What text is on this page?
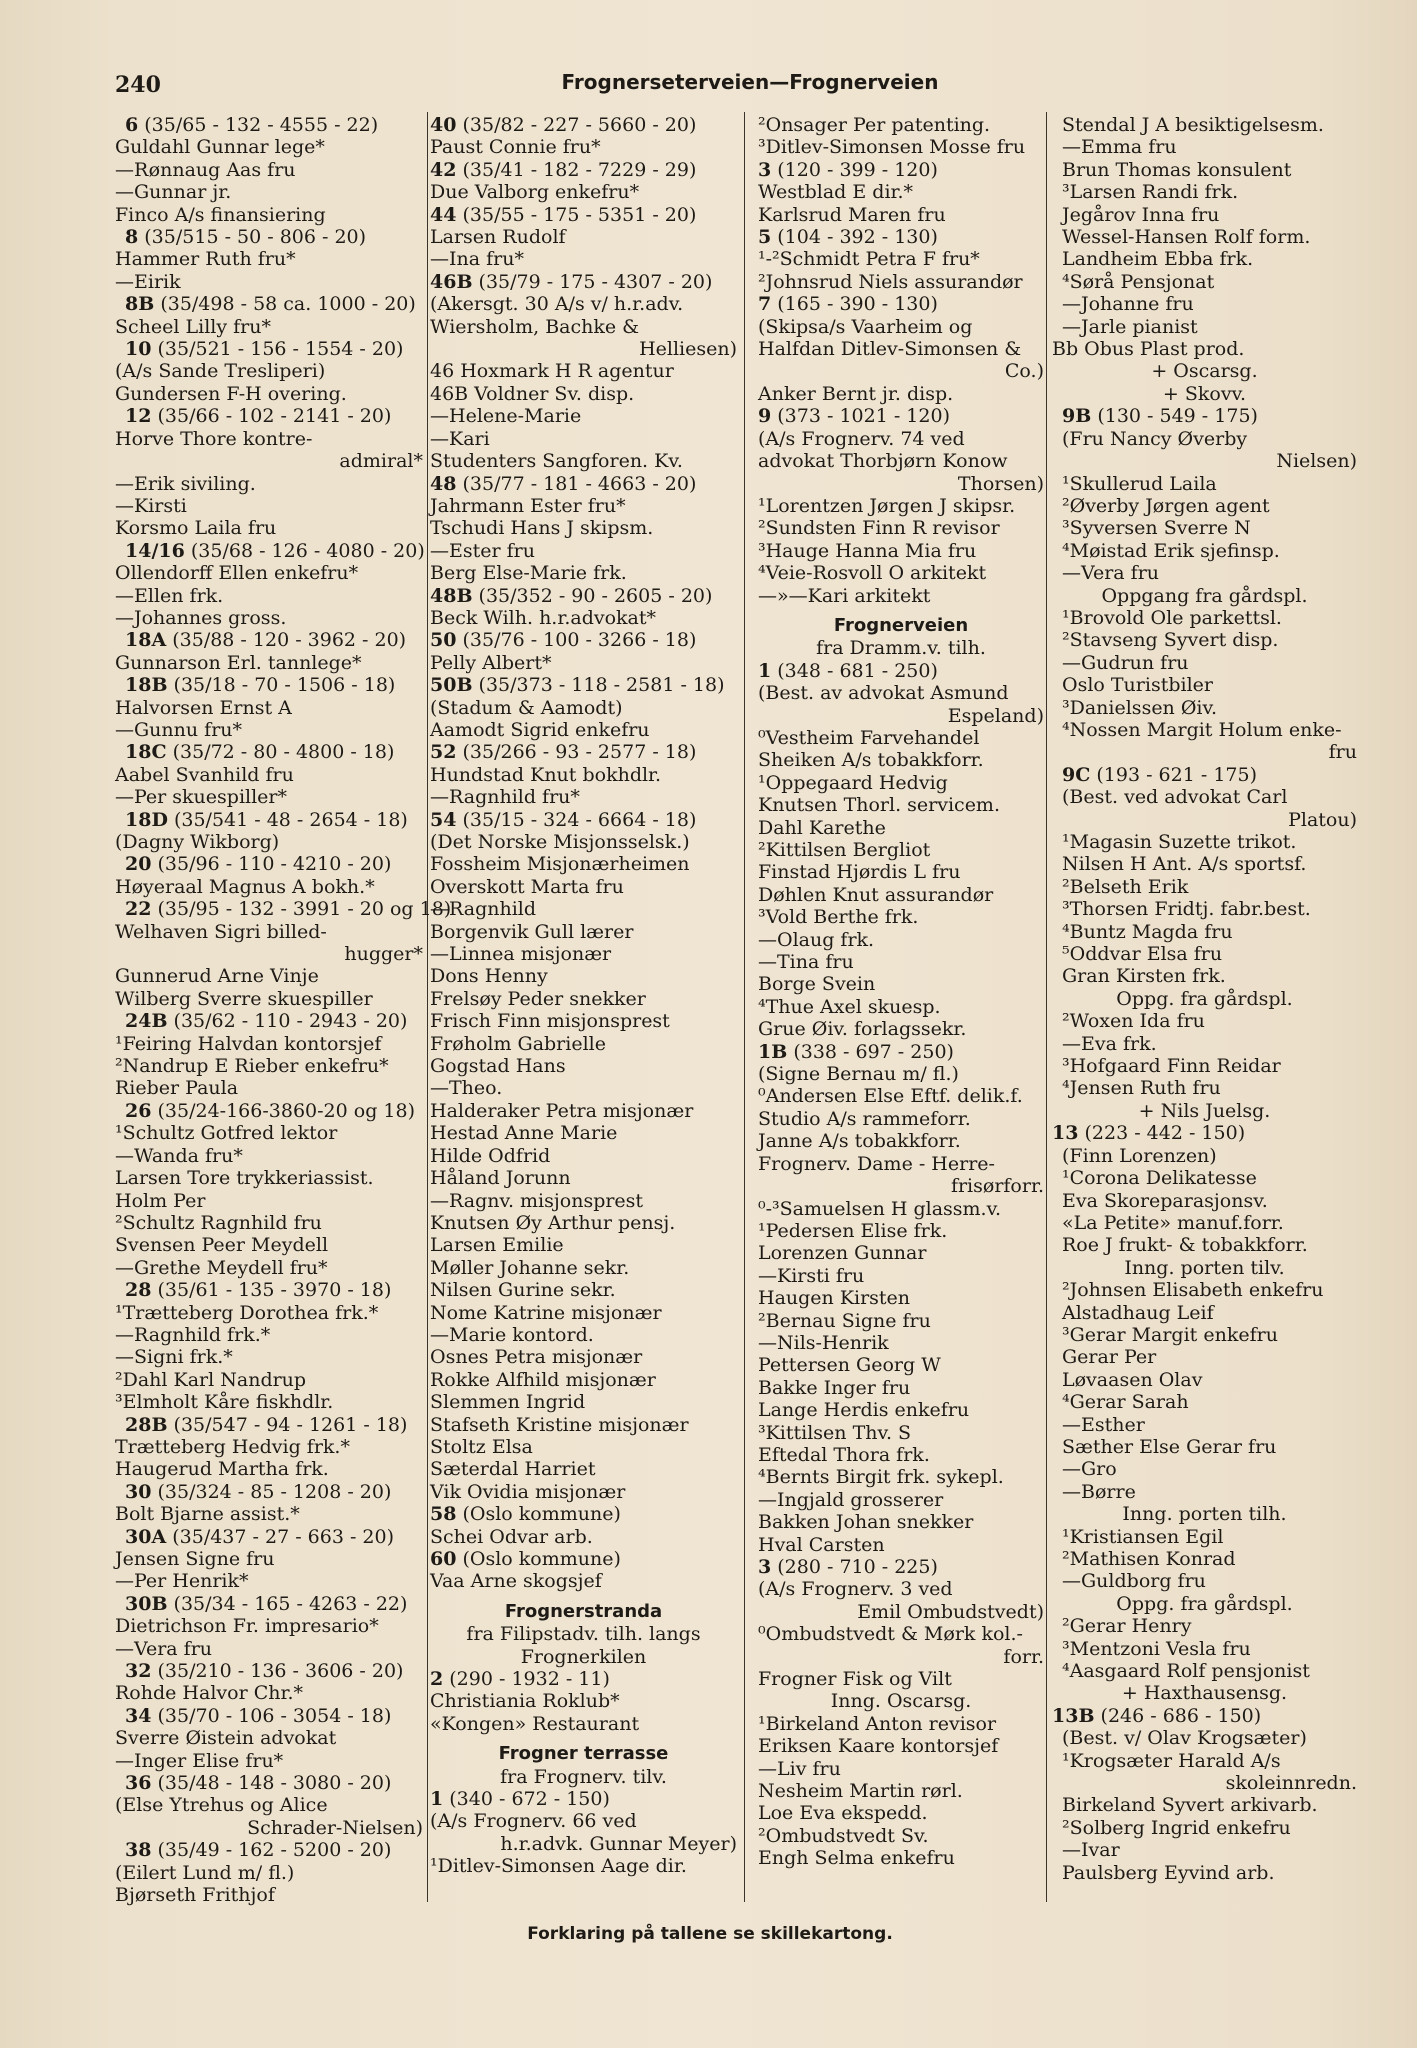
240	Frognerseterveien—Frognerveien
6 (35/65 - 132 - 4555 - 22)
Guldahl Gunnar lege*
—Rønnaug Aas fru
—Gunnar jr.
Finco A/s finansiering
8 (35/515 - 50 - 806 - 20)
Hammer Ruth fru*
—Eirik
8B (35/498 - 58 ca. 1000 - 20)
Scheel Lilly fru*
10 (35/521 - 156 - 1554 - 20)
(A/s Sande Tresliperi)
Gundersen F-H overing.
12 (35/66 - 102 - 2141 - 20)
Horve Thore kontre-
admiral*
—Erik siviling.
—Kirsti
Korsmo Laila fru
14/16 (35/68 - 126 - 4080 - 20)
Ollendorff Ellen enkefru*
—Ellen frk.
—Johannes gross.
18A (35/88 - 120 - 3962 - 20)
Gunnarson Erl. tannlege*
18B (35/18 - 70 - 1506 - 18)
Halvorsen Ernst A
—Gunnu fru*
18C (35/72 - 80 - 4800 - 18)
Aabel Svanhild fru
—Per skuespiller*
18D (35/541 - 48 - 2654 - 18)
(Dagny Wikborg)
20 (35/96 - 110 - 4210 - 20)
Høyeraal Magnus A bokh.*
22 (35/95 - 132 - 3991 - 20 og 18)
Welhaven Sigri billed-
hugger*
Gunnerud Arne Vinje
Wilberg Sverre skuespiller
24B (35/62 - 110 - 2943 - 20)
¹Feiring Halvdan kontorsjef
²Nandrup E Rieber enkefru*
Rieber Paula
26 (35/24-166-3860-20 og 18)
¹Schultz Gotfred lektor
—Wanda fru*
Larsen Tore trykkeriassist.
Holm Per
²Schultz Ragnhild fru
Svensen Peer Meydell
—Grethe Meydell fru*
28 (35/61 - 135 - 3970 - 18)
¹Trætteberg Dorothea frk.*
—Ragnhild frk.*
—Signi frk.*
²Dahl Karl Nandrup
³Elmholt Kåre fiskhdlr.
28B (35/547 - 94 - 1261 - 18)
Trætteberg Hedvig frk.*
Haugerud Martha frk.
30 (35/324 - 85 - 1208 - 20)
Bolt Bjarne assist.*
30A (35/437 - 27 - 663 - 20)
Jensen Signe fru
—Per Henrik*
30B (35/34 - 165 - 4263 - 22)
Dietrichson Fr. impresario*
—Vera fru
32 (35/210 - 136 - 3606 - 20)
Rohde Halvor Chr.*
34 (35/70 - 106 - 3054 - 18)
Sverre Øistein advokat
—Inger Elise fru*
36 (35/48 - 148 - 3080 - 20)
(Else Ytrehus og Alice
Schrader-Nielsen)
38 (35/49 - 162 - 5200 - 20)
(Eilert Lund m/ fl.)
Bjørseth Frithjof
40 (35/82 - 227 - 5660 - 20)
Paust Connie fru*
42 (35/41 - 182 - 7229 - 29)
Due Valborg enkefru*
44 (35/55 - 175 - 5351 - 20)
Larsen Rudolf
—Ina fru*
46B (35/79 - 175 - 4307 - 20)
(Akersgt. 30 A/s v/ h.r.adv.
Wiersholm, Bachke &
Helliesen)
46 Hoxmark H R agentur
46B Voldner Sv. disp.
—Helene-Marie
—Kari
Studenters Sangforen. Kv.
48 (35/77 - 181 - 4663 - 20)
Jahrmann Ester fru*
Tschudi Hans J skipsm.
—Ester fru
Berg Else-Marie frk.
48B (35/352 - 90 - 2605 - 20)
Beck Wilh. h.r.advokat*
50 (35/76 - 100 - 3266 - 18)
Pelly Albert*
50B (35/373 - 118 - 2581 - 18)
(Stadum & Aamodt)
Aamodt Sigrid enkefru
52 (35/266 - 93 - 2577 - 18)
Hundstad Knut bokhdlr.
—Ragnhild fru*
54 (35/15 - 324 - 6664 - 18)
(Det Norske Misjonsselsk.)
Fossheim Misjonærheimen
Overskott Marta fru
—Ragnhild
Borgenvik Gull lærer
—Linnea misjonær
Dons Henny
Frelsøy Peder snekker
Frisch Finn misjonsprest
Frøholm Gabrielle
Gogstad Hans
—Theo.
Halderaker Petra misjonær
Hestad Anne Marie
Hilde Odfrid
Håland Jorunn
—Ragnv. misjonsprest
Knutsen Øy Arthur pensj.
Larsen Emilie
Møller Johanne sekr.
Nilsen Gurine sekr.
Nome Katrine misjonær
—Marie kontord.
Osnes Petra misjonær
Rokke Alfhild misjonær
Slemmen Ingrid
Stafseth Kristine misjonær
Stoltz Elsa
Sæterdal Harriet
Vik Ovidia misjonær
58 (Oslo kommune)
Schei Odvar arb.
60 (Oslo kommune)
Vaa Arne skogsjef
Frognerstranda
fra Filipstadv. tilh. langs
Frognerkilen
2 (290 - 1932 - 11)
Christiania Roklub*
«Kongen» Restaurant
Frogner terrasse
fra Frognerv. tilv.
1 (340 - 672 - 150)
(A/s Frognerv. 66 ved
h.r.advk. Gunnar Meyer)
¹Ditlev-Simonsen Aage dir.
²Onsager Per patenting.
³Ditlev-Simonsen Mosse fru
3 (120 - 399 - 120)
Westblad E dir.*
Karlsrud Maren fru
5 (104 - 392 - 130)
¹-²Schmidt Petra F fru*
²Johnsrud Niels assurandør
7 (165 - 390 - 130)
(Skipsa/s Vaarheim og
Halfdan Ditlev-Simonsen &
Co.)
Anker Bernt jr. disp.
9 (373 - 1021 - 120)
(A/s Frognerv. 74 ved
advokat Thorbjørn Konow
Thorsen)
¹Lorentzen Jørgen J skipsr.
²Sundsten Finn R revisor
³Hauge Hanna Mia fru
⁴Veie-Rosvoll O arkitekt
—»—Kari arkitekt
Frognerveien
fra Dramm.v. tilh.
1 (348 - 681 - 250)
(Best. av advokat Asmund
Espeland)
⁰Vestheim Farvehandel
Sheiken A/s tobakkforr.
¹Oppegaard Hedvig
Knutsen Thorl. servicem.
Dahl Karethe
²Kittilsen Bergliot
Finstad Hjørdis L fru
Døhlen Knut assurandør
³Vold Berthe frk.
—Olaug frk.
—Tina fru
Borge Svein
⁴Thue Axel skuesp.
Grue Øiv. forlagssekr.
1B (338 - 697 - 250)
(Signe Bernau m/ fl.)
⁰Andersen Else Eftf. delik.f.
Studio A/s rammeforr.
Janne A/s tobakkforr.
Frognerv. Dame - Herre-
frisørforr.
⁰-³Samuelsen H glassm.v.
¹Pedersen Elise frk.
Lorenzen Gunnar
—Kirsti fru
Haugen Kirsten
²Bernau Signe fru
—Nils-Henrik
Pettersen Georg W
Bakke Inger fru
Lange Herdis enkefru
³Kittilsen Thv. S
Eftedal Thora frk.
⁴Bernts Birgit frk. sykepl.
—Ingjald grosserer
Bakken Johan snekker
Hval Carsten
3 (280 - 710 - 225)
(A/s Frognerv. 3 ved
Emil Ombudstvedt)
⁰Ombudstvedt & Mørk kol.-
forr.
Frogner Fisk og Vilt
Inng. Oscarsg.
¹Birkeland Anton revisor
Eriksen Kaare kontorsjef
—Liv fru
Nesheim Martin rørl.
Loe Eva ekspedd.
²Ombudstvedt Sv.
Engh Selma enkefru
Stendal J A besiktigelsesm.
—Emma fru
Brun Thomas konsulent
³Larsen Randi frk.
Jegårov Inna fru
Wessel-Hansen Rolf form.
Landheim Ebba frk.
⁴Sørå Pensjonat
—Johanne fru
—Jarle pianist
Bb Obus Plast prod.
+ Oscarsg.
+ Skovv.
9B (130 - 549 - 175)
(Fru Nancy Øverby
Nielsen)
¹Skullerud Laila
²Øverby Jørgen agent
³Syversen Sverre N
⁴Møistad Erik sjefinsp.
—Vera fru
Oppgang fra gårdspl.
¹Brovold Ole parkettsl.
²Stavseng Syvert disp.
—Gudrun fru
Oslo Turistbiler
³Danielssen Øiv.
⁴Nossen Margit Holum enke-
fru
9C (193 - 621 - 175)
(Best. ved advokat Carl
Platou)
¹Magasin Suzette trikot.
Nilsen H Ant. A/s sportsf.
²Belseth Erik
³Thorsen Fridtj. fabr.best.
⁴Buntz Magda fru
⁵Oddvar Elsa fru
Gran Kirsten frk.
Oppg. fra gårdspl.
²Woxen Ida fru
—Eva frk.
³Hofgaard Finn Reidar
⁴Jensen Ruth fru
+ Nils Juelsg.
13 (223 - 442 - 150)
(Finn Lorenzen)
¹Corona Delikatesse
Eva Skoreparasjonsv.
«La Petite» manuf.forr.
Roe J frukt- & tobakkforr.
Inng. porten tilv.
²Johnsen Elisabeth enkefru
Alstadhaug Leif
³Gerar Margit enkefru
Gerar Per
Løvaasen Olav
⁴Gerar Sarah
—Esther
Sæther Else Gerar fru
—Gro
—Børre
Inng. porten tilh.
¹Kristiansen Egil
²Mathisen Konrad
—Guldborg fru
Oppg. fra gårdspl.
²Gerar Henry
³Mentzoni Vesla fru
⁴Aasgaard Rolf pensjonist
+ Haxthausensg.
13B (246 - 686 - 150)
(Best. v/ Olav Krogsæter)
¹Krogsæter Harald A/s
skoleinnredn.
Birkeland Syvert arkivarb.
²Solberg Ingrid enkefru
—Ivar
Paulsberg Eyvind arb.
Forklaring på tallene se skillekartong.
